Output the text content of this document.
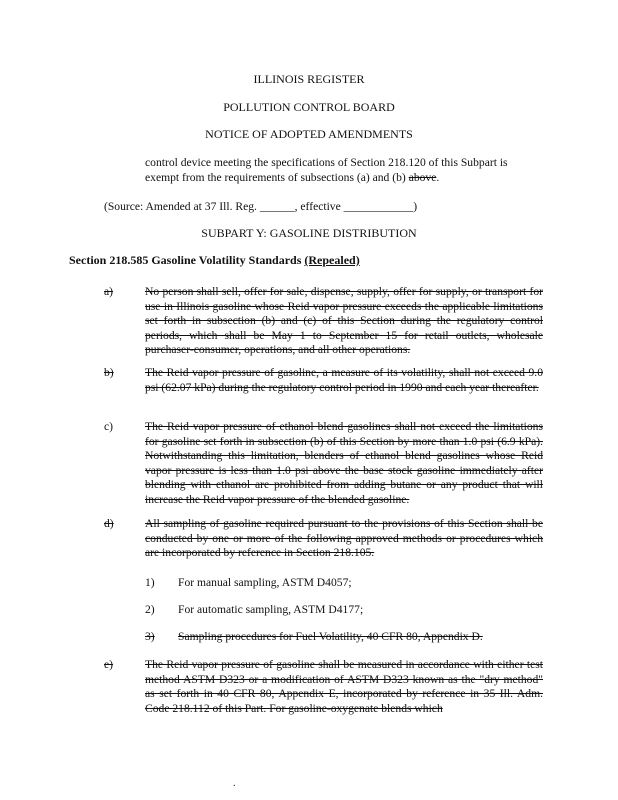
ILLINOIS REGISTER
POLLUTION CONTROL BOARD
NOTICE OF ADOPTED AMENDMENTS
control device meeting the specifications of Section 218.120 of this Subpart is exempt from the requirements of subsections (a) and (b) above.
(Source: Amended at 37 Ill. Reg. ______, effective ____________)
SUBPART Y: GASOLINE DISTRIBUTION
Section 218.585 Gasoline Volatility Standards (Repealed)
a)	No person shall sell, offer for sale, dispense, supply, offer for supply, or transport for use in Illinois gasoline whose Reid vapor pressure exceeds the applicable limitations set forth in subsection (b) and (c) of this Section during the regulatory control periods, which shall be May 1 to September 15 for retail outlets, wholesale purchaser-consumer, operations, and all other operations.
b)	The Reid vapor pressure of gasoline, a measure of its volatility, shall not exceed 9.0 psi (62.07 kPa) during the regulatory control period in 1990 and each year thereafter.
c)	The Reid vapor pressure of ethanol blend gasolines shall not exceed the limitations for gasoline set forth in subsection (b) of this Section by more than 1.0 psi (6.9 kPa). Notwithstanding this limitation, blenders of ethanol blend gasolines whose Reid vapor pressure is less than 1.0 psi above the base stock gasoline immediately after blending with ethanol are prohibited from adding butane or any product that will increase the Reid vapor pressure of the blended gasoline.
d)	All sampling of gasoline required pursuant to the provisions of this Section shall be conducted by one or more of the following approved methods or procedures which are incorporated by reference in Section 218.105.
1) For manual sampling, ASTM D4057;
2) For automatic sampling, ASTM D4177;
3) Sampling procedures for Fuel Volatility, 40 CFR 80, Appendix D.
e)	The Reid vapor pressure of gasoline shall be measured in accordance with either test method ASTM D323 or a modification of ASTM D323 known as the "dry method" as set forth in 40 CFR 80, Appendix E, incorporated by reference in 35 Ill. Adm. Code 218.112 of this Part. For gasoline-oxygenate blends which
.
